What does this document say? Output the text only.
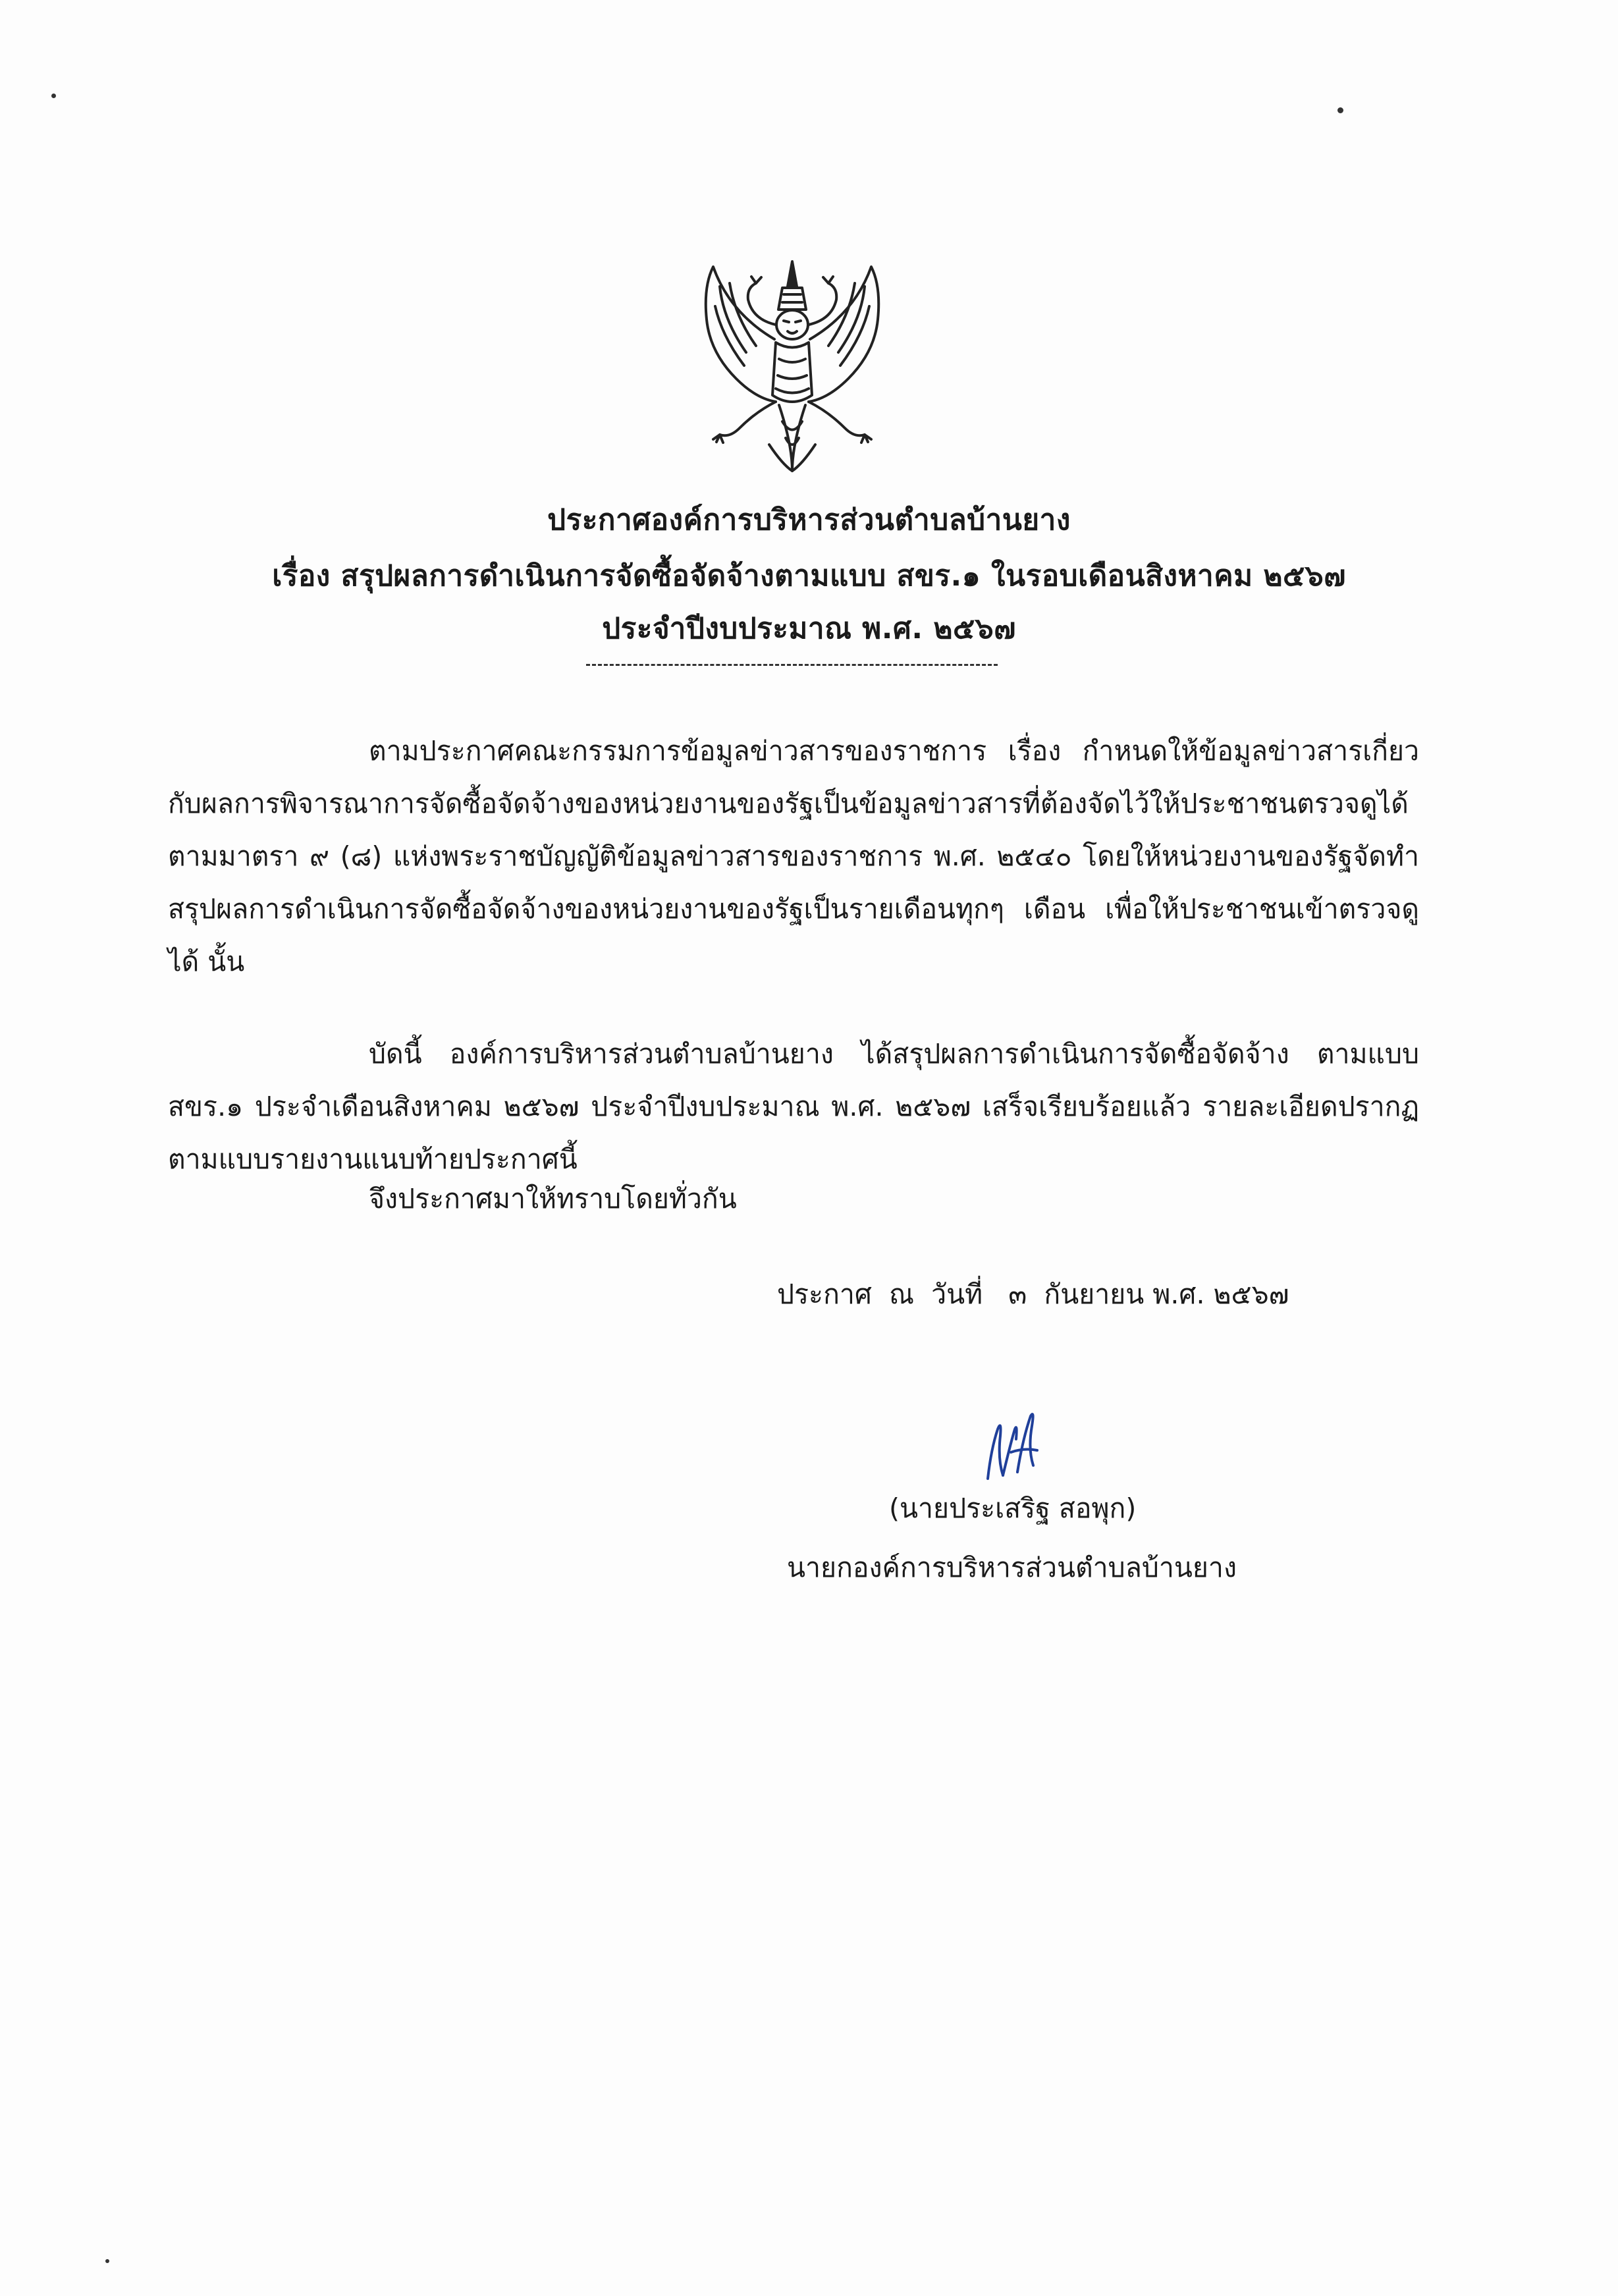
ประกาศองค์การบริหารส่วนตำบลบ้านยาง
เรื่อง สรุปผลการดำเนินการจัดซื้อจัดจ้างตามแบบ สขร.๑ ในรอบเดือนสิงหาคม ๒๕๖๗
ประจำปีงบประมาณ พ.ศ. ๒๕๖๗
ตามประกาศคณะกรรมการข้อมูลข่าวสารของราชการ เรื่อง กำหนดให้ข้อมูลข่าวสารเกี่ยวกับผลการพิจารณาการจัดซื้อจัดจ้างของหน่วยงานของรัฐเป็นข้อมูลข่าวสารที่ต้องจัดไว้ให้ประชาชนตรวจดูได้ ตามมาตรา ๙ (๘) แห่งพระราชบัญญัติข้อมูลข่าวสารของราชการ พ.ศ. ๒๕๔๐ โดยให้หน่วยงานของรัฐจัดทำสรุปผลการดำเนินการจัดซื้อจัดจ้างของหน่วยงานของรัฐเป็นรายเดือนทุกๆ เดือน เพื่อให้ประชาชนเข้าตรวจดูได้ นั้น
บัดนี้ องค์การบริหารส่วนตำบลบ้านยาง ได้สรุปผลการดำเนินการจัดซื้อจัดจ้าง ตามแบบ สขร.๑ ประจำเดือนสิงหาคม ๒๕๖๗ ประจำปีงบประมาณ พ.ศ. ๒๕๖๗ เสร็จเรียบร้อยแล้ว รายละเอียดปรากฏตามแบบรายงานแนบท้ายประกาศนี้
จึงประกาศมาให้ทราบโดยทั่วกัน
ประกาศ  ณ  วันที่   ๓  กันยายน พ.ศ. ๒๕๖๗
(นายประเสริฐ สอพุก)
นายกองค์การบริหารส่วนตำบลบ้านยาง
